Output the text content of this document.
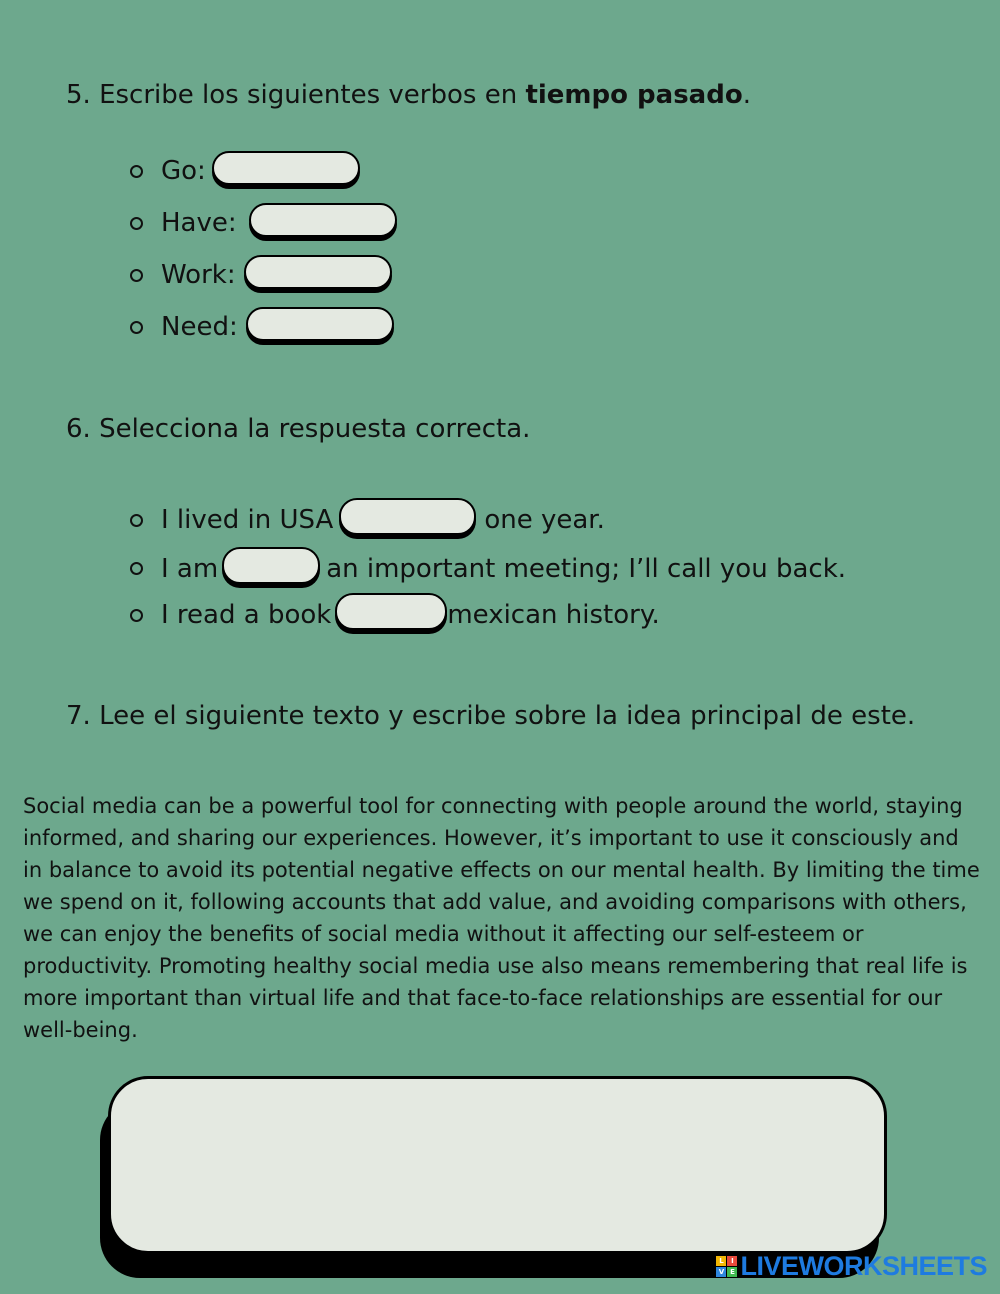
5. Escribe los siguientes verbos en tiempo pasado.
Go:
Have:
Work:
Need:
6. Selecciona la respuesta correcta.
I lived in USA	one year.
I am	an important meeting; I’ll call you back.
I read a book	mexican history.
7. Lee el siguiente texto y escribe sobre la idea principal de este.

Social media can be a powerful tool for connecting with people around the world, staying informed, and sharing our experiences. However, it’s important to use it consciously and in balance to avoid its potential negative effects on our mental health. By limiting the time we spend on it, following accounts that add value, and avoiding comparisons with others, we can enjoy the benefits of social media without it affecting our self-esteem or productivity. Promoting healthy social media use also means remembering that real life is more important than virtual life and that face-to-face relationships are essential for our well-being.

L	I
V E LIVEWORKSHEETS
